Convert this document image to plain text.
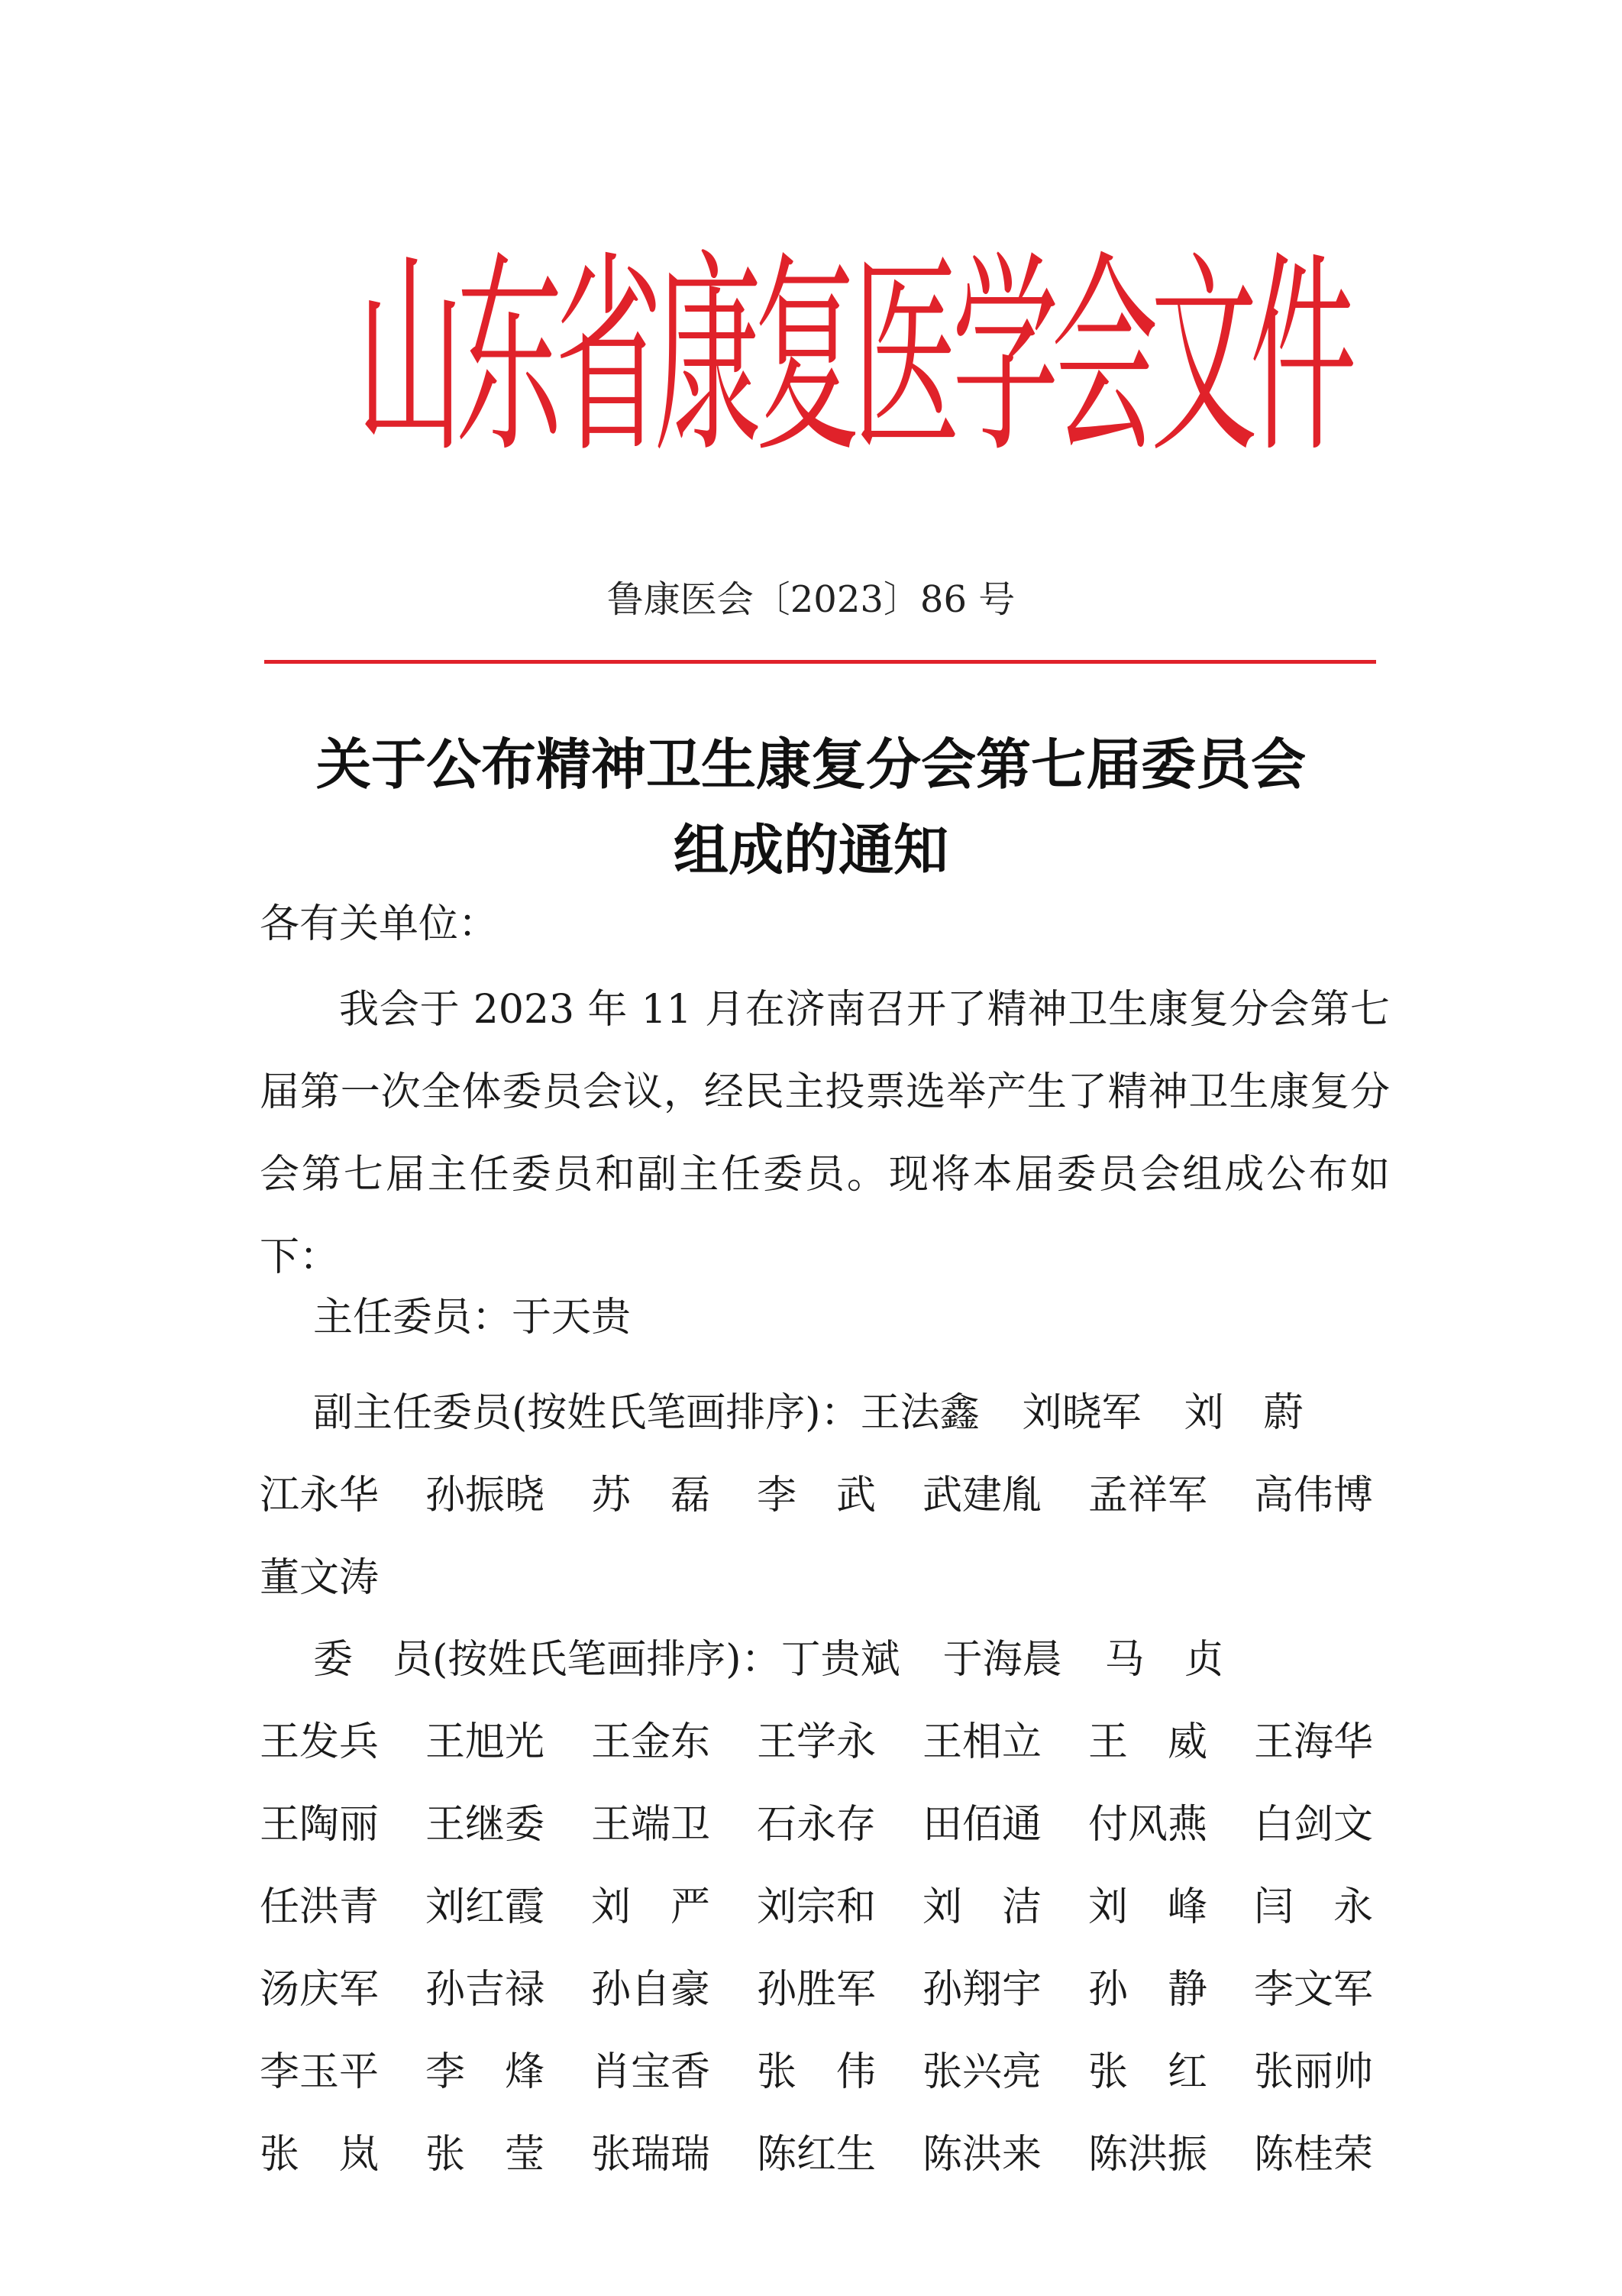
山东省康复医学会文件
鲁康医会〔2023〕86 号
关于公布精神卫生康复分会第七届委员会
组成的通知
各有关单位：

我会于 2023 年 11 月在济南召开了精神卫生康复分会第七届第一次全体委员会议，经民主投票选举产生了精神卫生康复分会第七届主任委员和副主任委员。现将本届委员会组成公布如下：

主任委员：于天贵
副主任委员(按姓氏笔画排序)： 王法鑫 刘晓军 刘　蔚
江永华	孙振晓	苏　磊	李　武	武建胤	孟祥军	高伟博
董文涛
委　员(按姓氏笔画排序)： 丁贵斌 于海晨 马　贞
王发兵	王旭光	王金东	王学永	王相立	王　威	王海华
王陶丽	王继委	王端卫	石永存	田佰通	付风燕	白剑文
任洪青	刘红霞	刘　严	刘宗和	刘　洁	刘　峰	闫　永
汤庆军	孙吉禄	孙自豪	孙胜军	孙翔宇	孙　静	李文军
李玉平	李　烽	肖宝香	张　伟	张兴亮	张　红	张丽帅
张　岚	张　莹	张瑞瑞	陈红生	陈洪来	陈洪振	陈桂荣
